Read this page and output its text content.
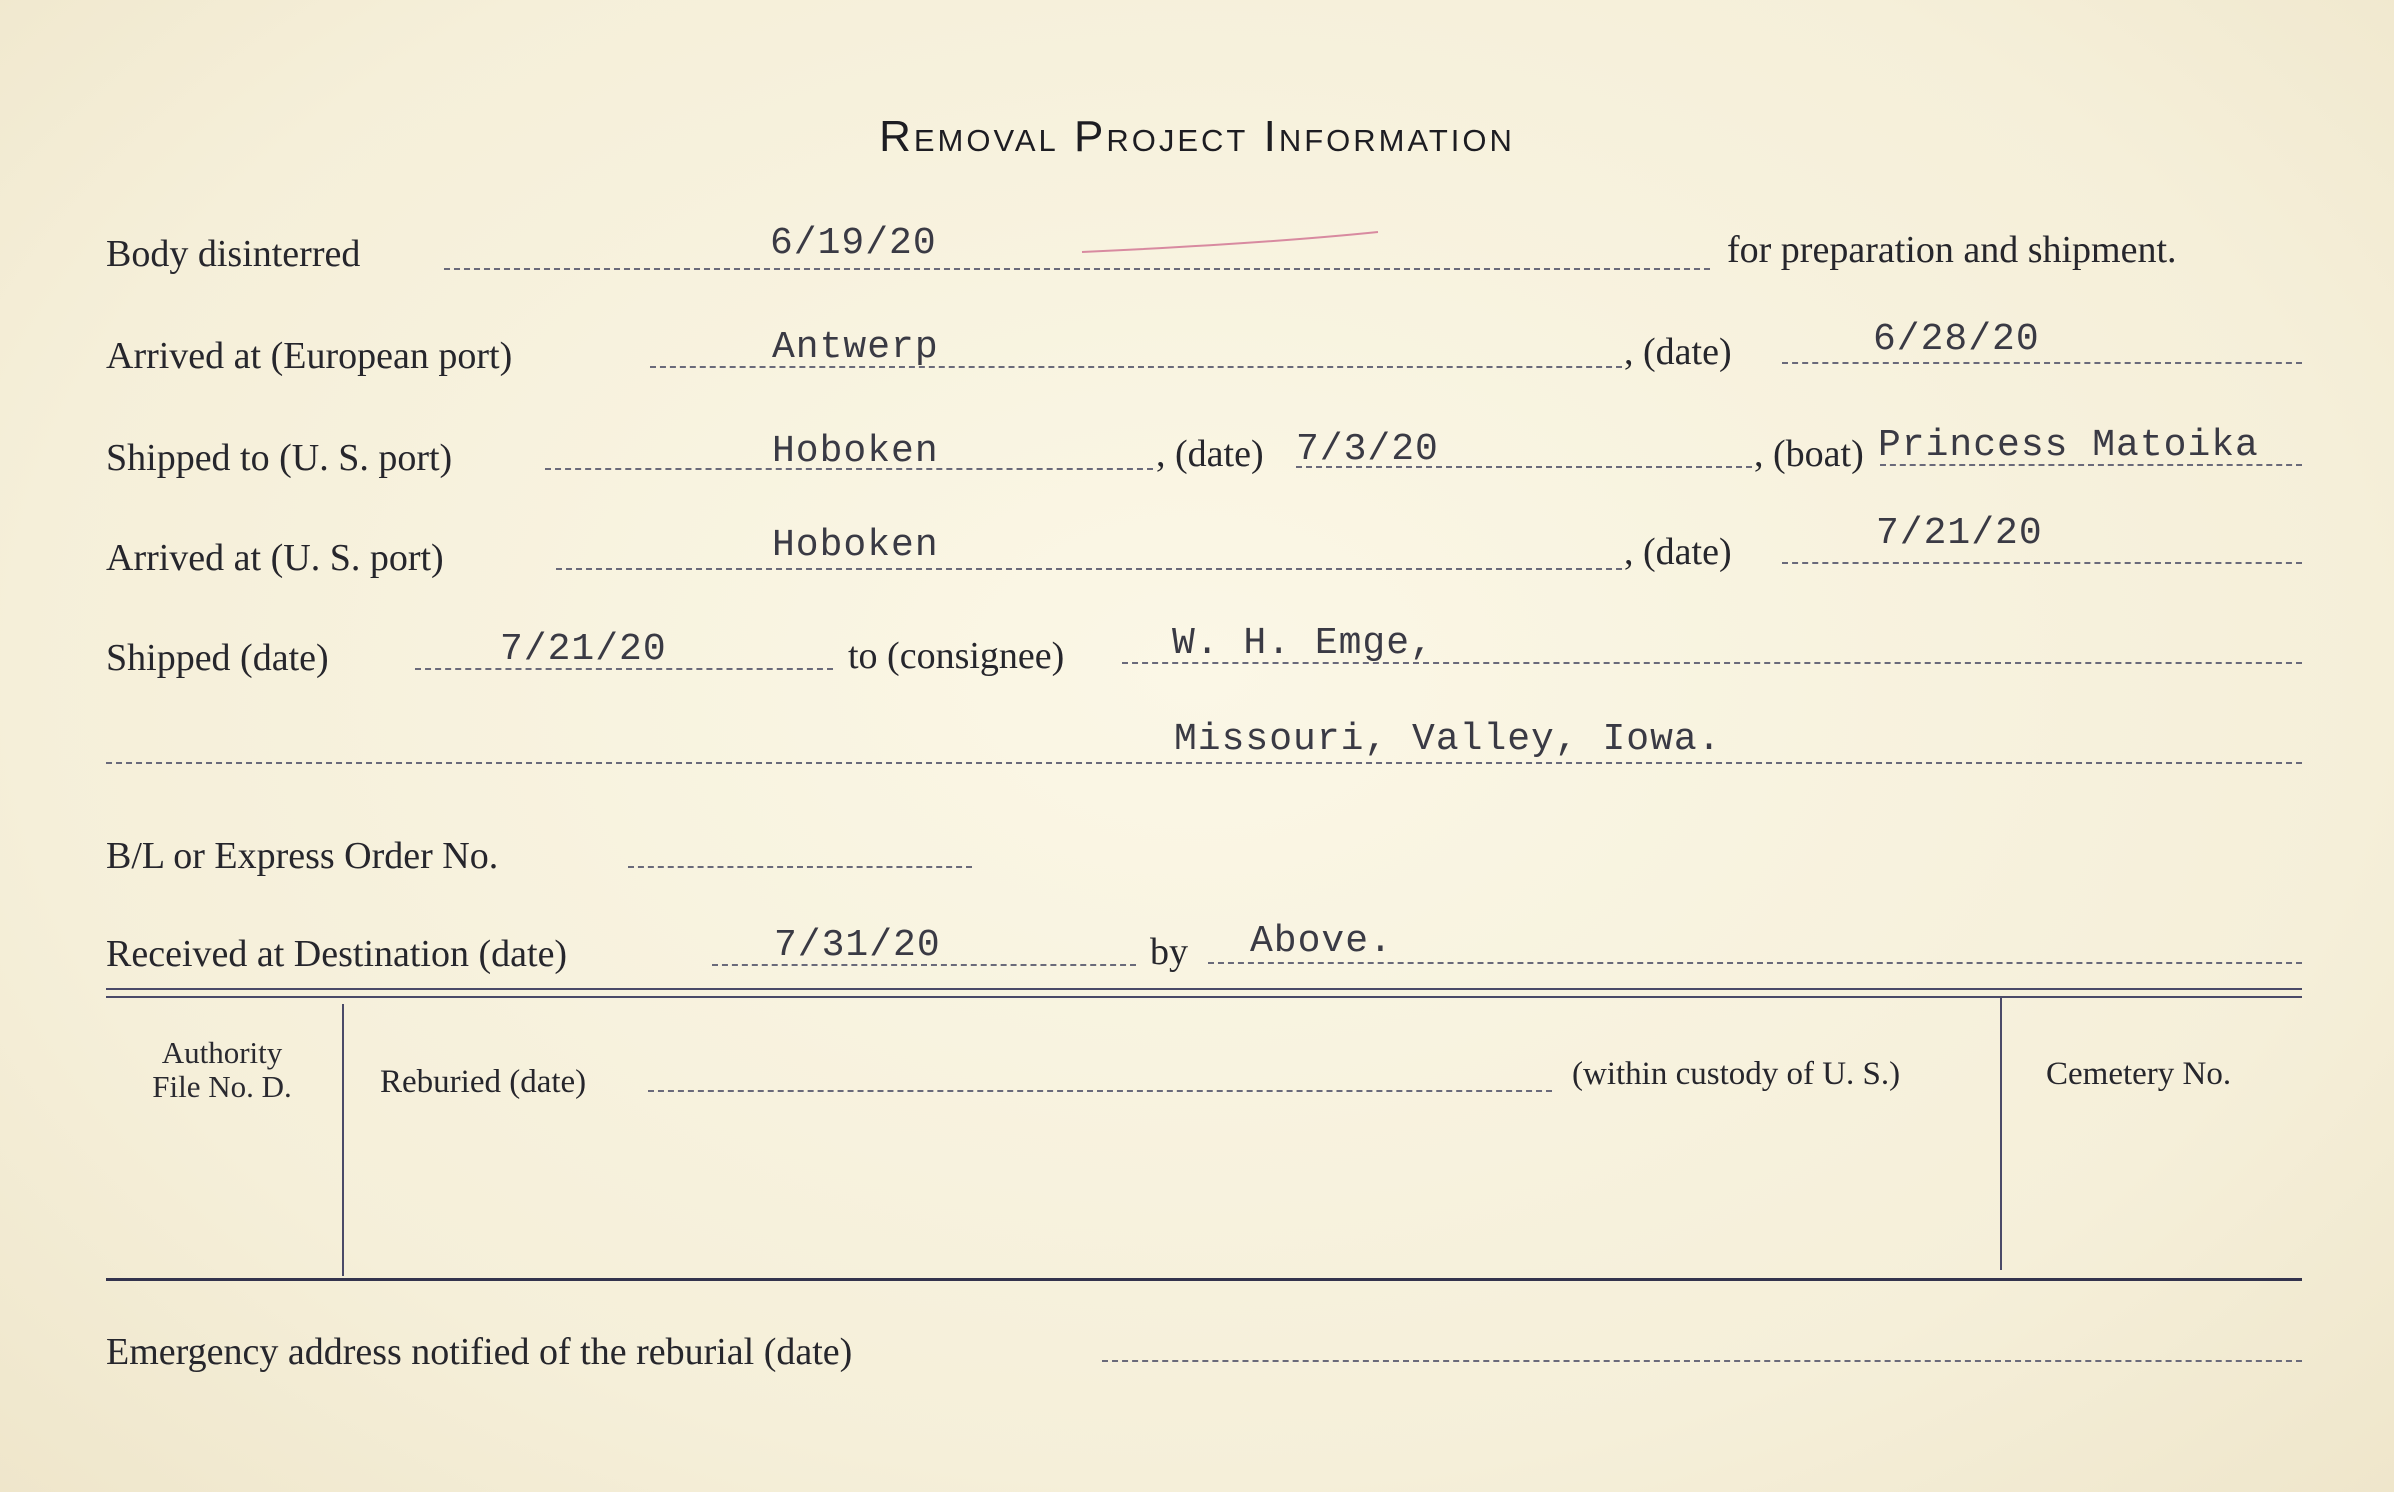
Removal Project Information
Body disinterred	6/19/20	for preparation and shipment.
Arrived at (European port)	Antwerp	, (date)	6/28/20
Shipped to (U. S. port)	Hoboken	, (date) 7/3/20	, (boat) Princess Matoika
Arrived at (U. S. port)	Hoboken	, (date)	7/21/20
Shipped (date)	7/21/20	to (consignee)	W. H. Emge,
Missouri, Valley, Iowa.
B/L or Express Order No.
Received at Destination (date)	7/31/20	by Above.
Authority
File No. D.	Reburied (date)	(within custody of U. S.)	Cemetery No.
Emergency address notified of the reburial (date)
